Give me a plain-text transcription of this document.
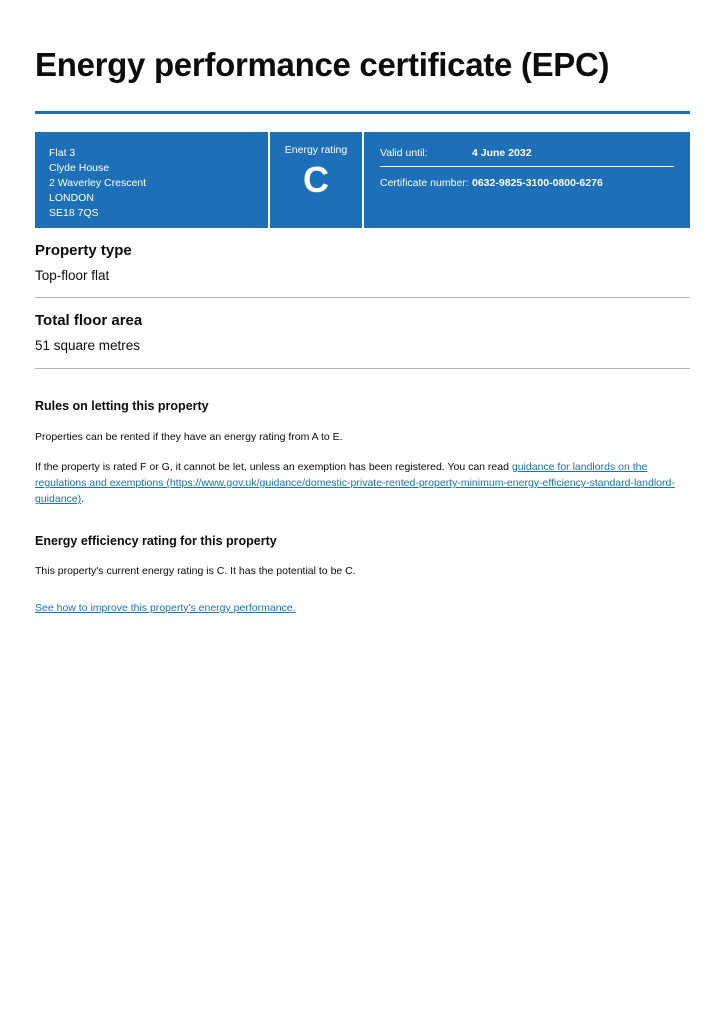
Energy performance certificate (EPC)
Flat 3
Clyde House
2 Waverley Crescent
LONDON
SE18 7QS
Energy rating
C
Valid until:	4 June 2032
Certificate number: 0632-9825-3100-0800-6276
Property type

Top-floor flat

Total floor area

51 square metres

Rules on letting this property

Properties can be rented if they have an energy rating from A to E.

If the property is rated F or G, it cannot be let, unless an exemption has been registered. You can read guidance for landlords on the regulations and exemptions (https://www.gov.uk/guidance/domestic-private-rented-property-minimum-energy-efficiency-standard-landlord-guidance).

Energy efficiency rating for this property

This property's current energy rating is C. It has the potential to be C.

See how to improve this property's energy performance.
